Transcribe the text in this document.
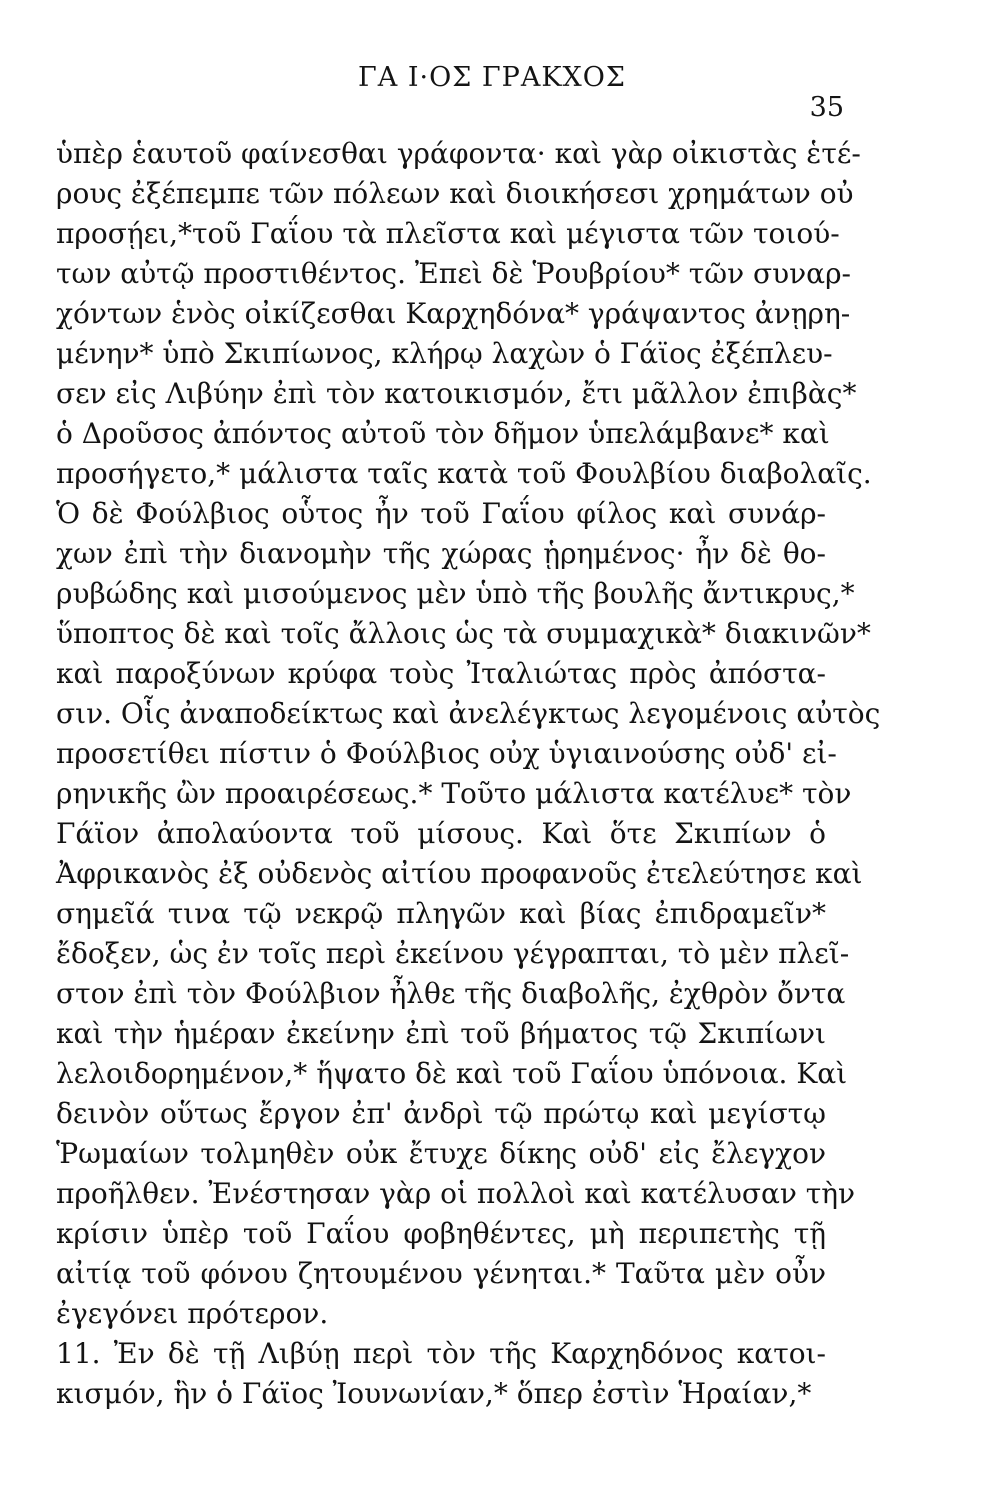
ΓΑ Ι·ΟΣ ΓΡΑΚΧΟΣ
35
ὑπὲρ ἑαυτοῦ φαίνεσθαι γράφοντα· καὶ γὰρ οἰκιστὰς ἑτέ-
ρους ἐξέπεμπε τῶν πόλεων καὶ διοικήσεσι χρημάτων οὐ
προσῄει,*τοῦ Γαΐου τὰ πλεῖστα καὶ μέγιστα τῶν τοιού-
των αὐτῷ προστιθέντος. Ἐπεὶ δὲ Ῥουβρίου* τῶν συναρ-
χόντων ἑνὸς οἰκίζεσθαι Καρχηδόνα* γράψαντος ἀνῃρη-
μένην* ὑπὸ Σκιπίωνος, κλήρῳ λαχὼν ὁ Γάϊος ἐξέπλευ-
σεν εἰς Λιβύην ἐπὶ τὸν κατοικισμόν, ἔτι μᾶλλον ἐπιβὰς*
ὁ Δροῦσος ἀπόντος αὐτοῦ τὸν δῆμον ὑπελάμβανε* καὶ
προσήγετο,* μάλιστα ταῖς κατὰ τοῦ Φουλβίου διαβολαῖς.
Ὁ δὲ Φούλβιος οὗτος ἦν τοῦ Γαΐου φίλος καὶ συνάρ-
χων ἐπὶ τὴν διανομὴν τῆς χώρας ᾑρημένος· ἦν δὲ θο-
ρυβώδης καὶ μισούμενος μὲν ὑπὸ τῆς βουλῆς ἄντικρυς,*
ὕποπτος δὲ καὶ τοῖς ἄλλοις ὡς τὰ συμμαχικὰ* διακινῶν*
καὶ παροξύνων κρύφα τοὺς Ἰταλιώτας πρὸς ἀπόστα-
σιν. Οἷς ἀναποδείκτως καὶ ἀνελέγκτως λεγομένοις αὐτὸς
προσετίθει πίστιν ὁ Φούλβιος οὐχ ὑγιαινούσης οὐδ' εἰ-
ρηνικῆς ὢν προαιρέσεως.* Τοῦτο μάλιστα κατέλυε* τὸν
Γάϊον ἀπολαύοντα τοῦ μίσους. Καὶ ὅτε Σκιπίων ὁ
Ἀφρικανὸς ἐξ οὐδενὸς αἰτίου προφανοῦς ἐτελεύτησε καὶ
σημεῖά τινα τῷ νεκρῷ πληγῶν καὶ βίας ἐπιδραμεῖν*
ἔδοξεν, ὡς ἐν τοῖς περὶ ἐκείνου γέγραπται, τὸ μὲν πλεῖ-
στον ἐπὶ τὸν Φούλβιον ἦλθε τῆς διαβολῆς, ἐχθρὸν ὄντα
καὶ τὴν ἡμέραν ἐκείνην ἐπὶ τοῦ βήματος τῷ Σκιπίωνι
λελοιδορημένον,* ἥψατο δὲ καὶ τοῦ Γαΐου ὑπόνοια. Καὶ
δεινὸν οὕτως ἔργον ἐπ' ἀνδρὶ τῷ πρώτῳ καὶ μεγίστῳ
Ῥωμαίων τολμηθὲν οὐκ ἔτυχε δίκης οὐδ' εἰς ἔλεγχον
προῆλθεν. Ἐνέστησαν γὰρ οἱ πολλοὶ καὶ κατέλυσαν τὴν
κρίσιν ὑπὲρ τοῦ Γαΐου φοβηθέντες, μὴ περιπετὴς τῇ
αἰτίᾳ τοῦ φόνου ζητουμένου γένηται.* Ταῦτα μὲν οὖν
ἐγεγόνει πρότερον.
11. Ἐν δὲ τῇ Λιβύῃ περὶ τὸν τῆς Καρχηδόνος κατοι-
κισμόν, ἣν ὁ Γάϊος Ἰουνωνίαν,* ὅπερ ἐστὶν Ἡραίαν,*
